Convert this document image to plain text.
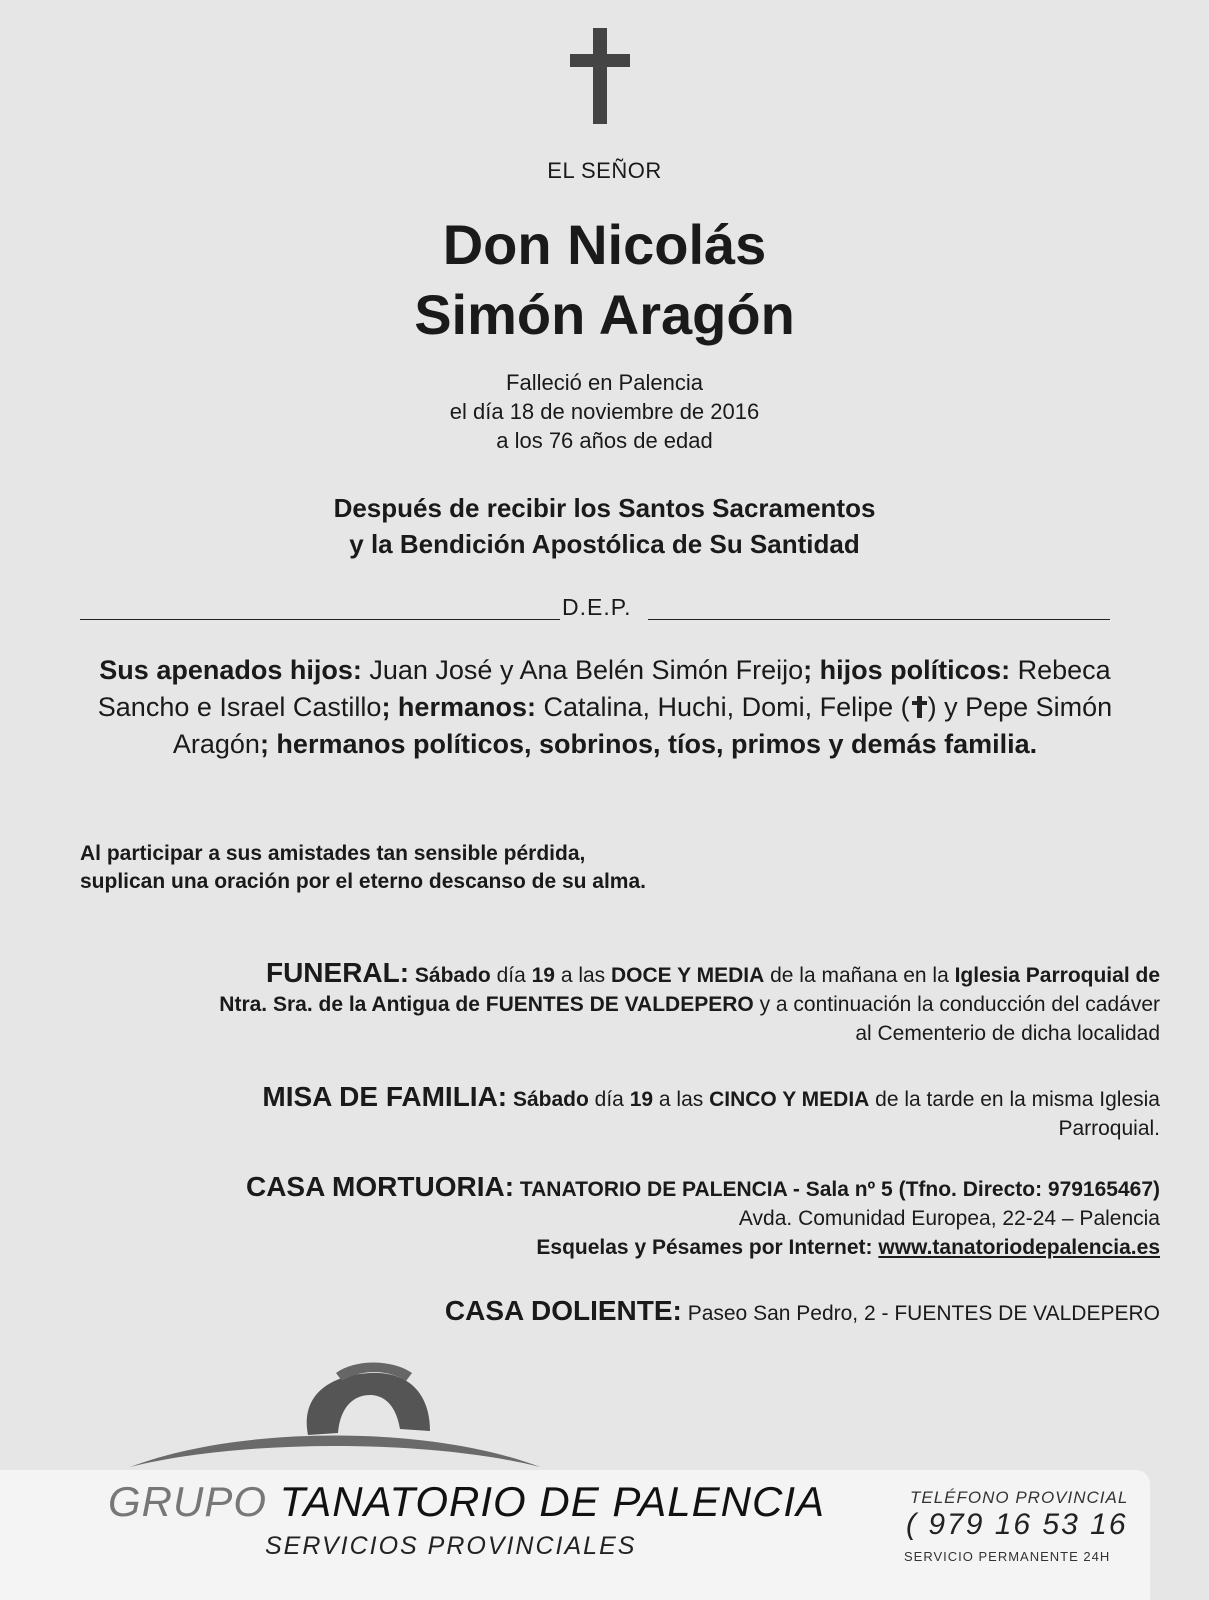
EL SEÑOR
Don Nicolás
Simón Aragón
Falleció en Palencia
el día 18 de noviembre de 2016
a los 76 años de edad
Después de recibir los Santos Sacramentos
y la Bendición Apostólica de Su Santidad
D.E.P.
Sus apenados hijos: Juan José y Ana Belén Simón Freijo; hijos políticos: Rebeca Sancho e Israel Castillo; hermanos: Catalina, Huchi, Domi, Felipe ( ) y Pepe Simón Aragón; hermanos políticos, sobrinos, tíos, primos y demás familia.
Al participar a sus amistades tan sensible pérdida,
suplican una oración por el eterno descanso de su alma.
FUNERAL: Sábado día 19 a las DOCE Y MEDIA de la mañana en la Iglesia Parroquial de
Ntra. Sra. de la Antigua de FUENTES DE VALDEPERO y a continuación la conducción del cadáver
al Cementerio de dicha localidad
MISA DE FAMILIA: Sábado día 19 a las CINCO Y MEDIA de la tarde en la misma Iglesia
Parroquial.
CASA MORTUORIA: TANATORIO DE PALENCIA - Sala nº 5 (Tfno. Directo: 979165467)
Avda. Comunidad Europea, 22-24 – Palencia
Esquelas y Pésames por Internet: www.tanatoriodepalencia.es
CASA DOLIENTE: Paseo San Pedro, 2 - FUENTES DE VALDEPERO
GRUPO TANATORIO DE PALENCIA
SERVICIOS PROVINCIALES
TELÉFONO PROVINCIAL
( 979 16 53 16
SERVICIO PERMANENTE 24H
